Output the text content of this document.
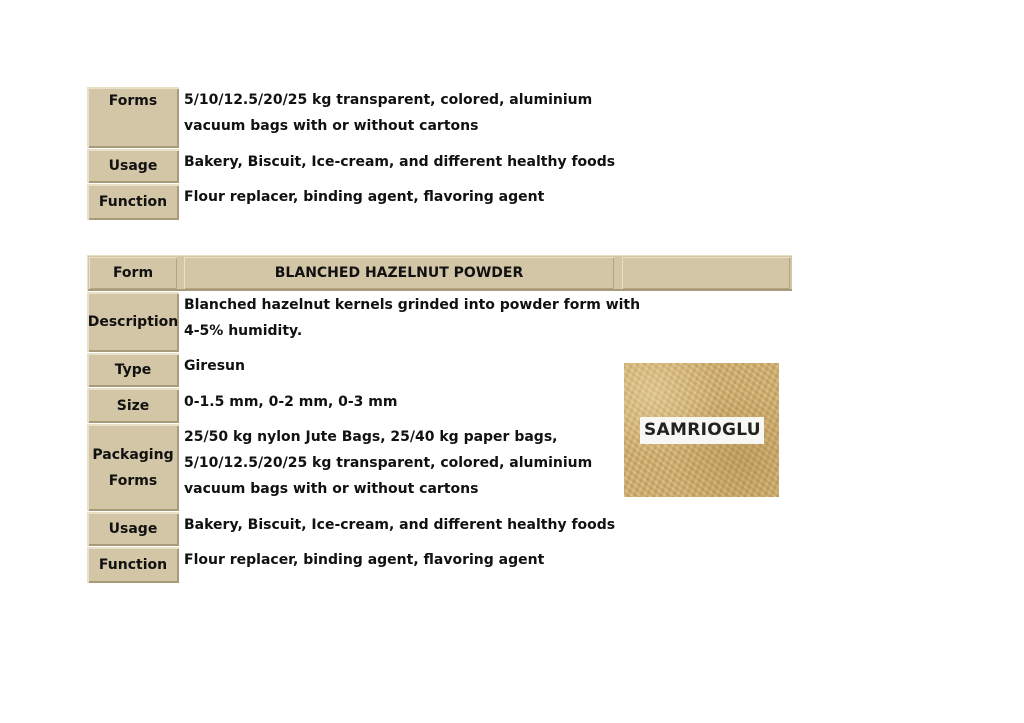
Forms 5/10/12.5/20/25 kg transparent, colored, aluminium
vacuum bags with or without cartons
Usage Bakery, Biscuit, Ice-cream, and different healthy foods
Function Flour replacer, binding agent, flavoring agent
Form	BLANCHED HAZELNUT POWDER
Description
Blanched hazelnut kernels grinded into powder form with
4-5% humidity.
Type Giresun
Size 0-1.5 mm, 0-2 mm, 0-3 mm
Packaging
Forms
25/50 kg nylon Jute Bags, 25/40 kg paper bags,
5/10/12.5/20/25 kg transparent, colored, aluminium
vacuum bags with or without cartons
Usage Bakery, Biscuit, Ice-cream, and different healthy foods
Function Flour replacer, binding agent, flavoring agent
SAMRIOGLU
